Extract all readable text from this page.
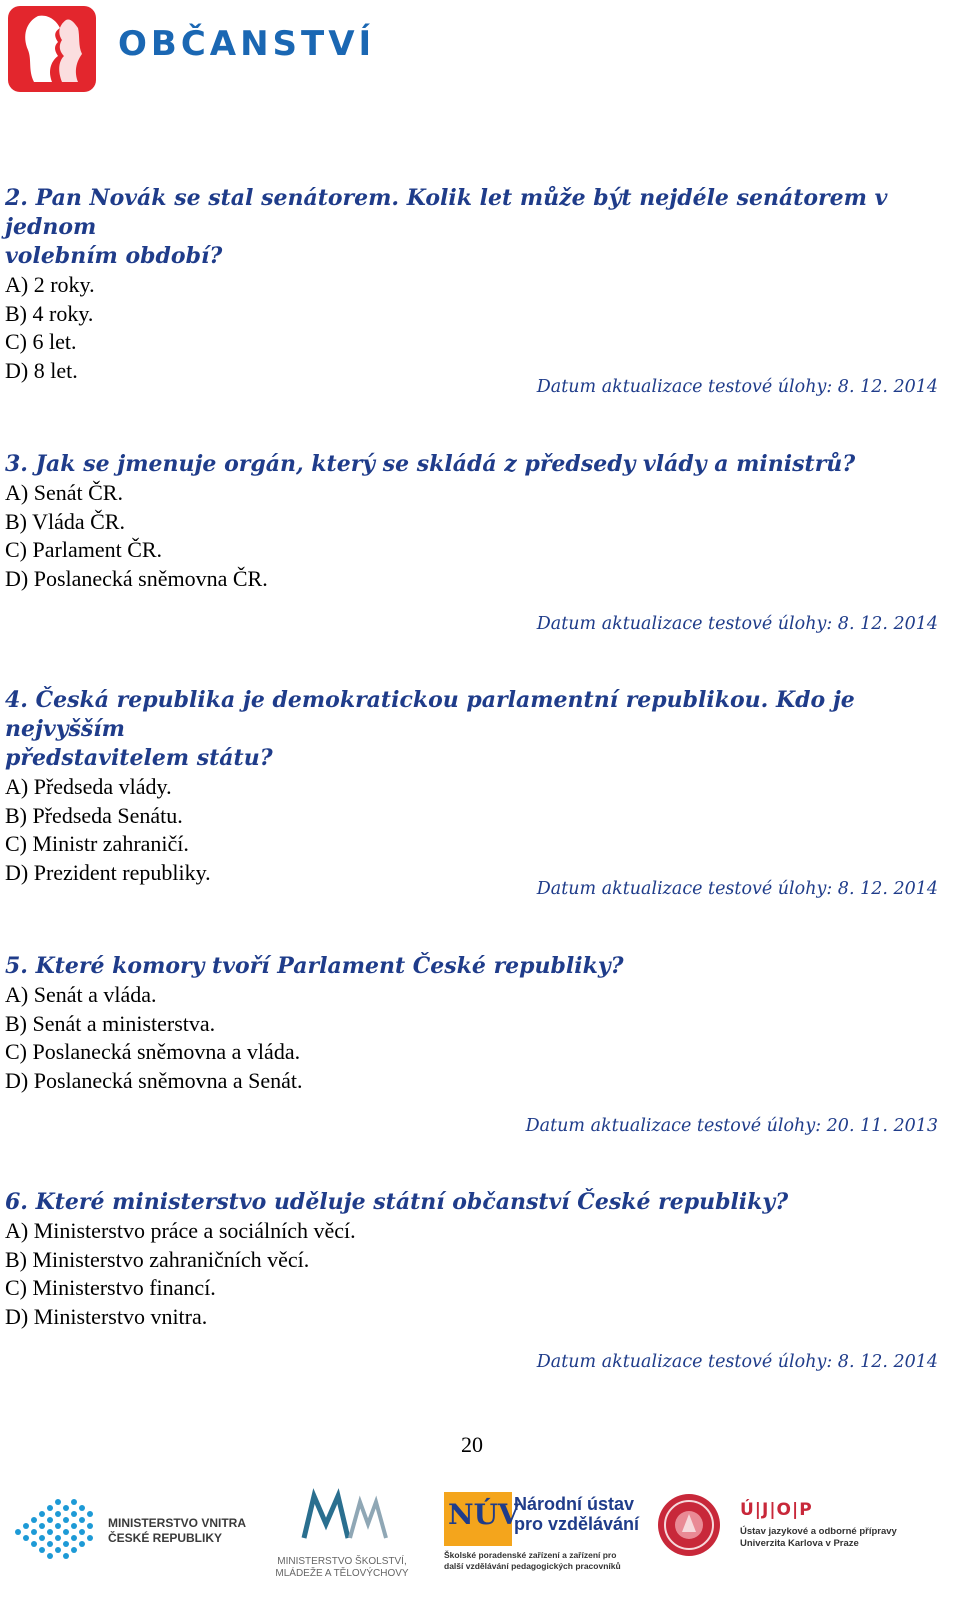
OBČANSTVÍ

2. Pan Novák se stal senátorem. Kolik let může být nejdéle senátorem v jednom

volebním období?

A) 2 roky.

B) 4 roky.

C) 6 let.

D) 8 let.

Datum aktualizace testové úlohy: 8. 12. 2014

3. Jak se jmenuje orgán, který se skládá z předsedy vlády a ministrů?

A) Senát ČR.

B) Vláda ČR.

C) Parlament ČR.

D) Poslanecká sněmovna ČR.

Datum aktualizace testové úlohy: 8. 12. 2014

4. Česká republika je demokratickou parlamentní republikou. Kdo je nejvyšším

představitelem státu?

A) Předseda vlády.

B) Předseda Senátu.

C) Ministr zahraničí.

D) Prezident republiky.

Datum aktualizace testové úlohy: 8. 12. 2014

5. Které komory tvoří Parlament České republiky?

A) Senát a vláda.

B) Senát a ministerstva.

C) Poslanecká sněmovna a vláda.

D) Poslanecká sněmovna a Senát.

Datum aktualizace testové úlohy: 20. 11. 2013

6. Které ministerstvo uděluje státní občanství České republiky?

A) Ministerstvo práce a sociálních věcí.

B) Ministerstvo zahraničních věcí.

C) Ministerstvo financí.

D) Ministerstvo vnitra.

Datum aktualizace testové úlohy: 8. 12. 2014
20
MINISTERSTVO VNITRA
ČESKÉ REPUBLIKY
MINISTERSTVO ŠKOLSTVÍ,
MLÁDEŽE A TĚLOVÝCHOVY
NÚV
Národní ústav
pro vzdělávání
Školské poradenské zařízení a zařízení pro
další vzdělávání pedagogických pracovníků
Ú|J|O|P
Ústav jazykové a odborné přípravy
Univerzita Karlova v Praze
